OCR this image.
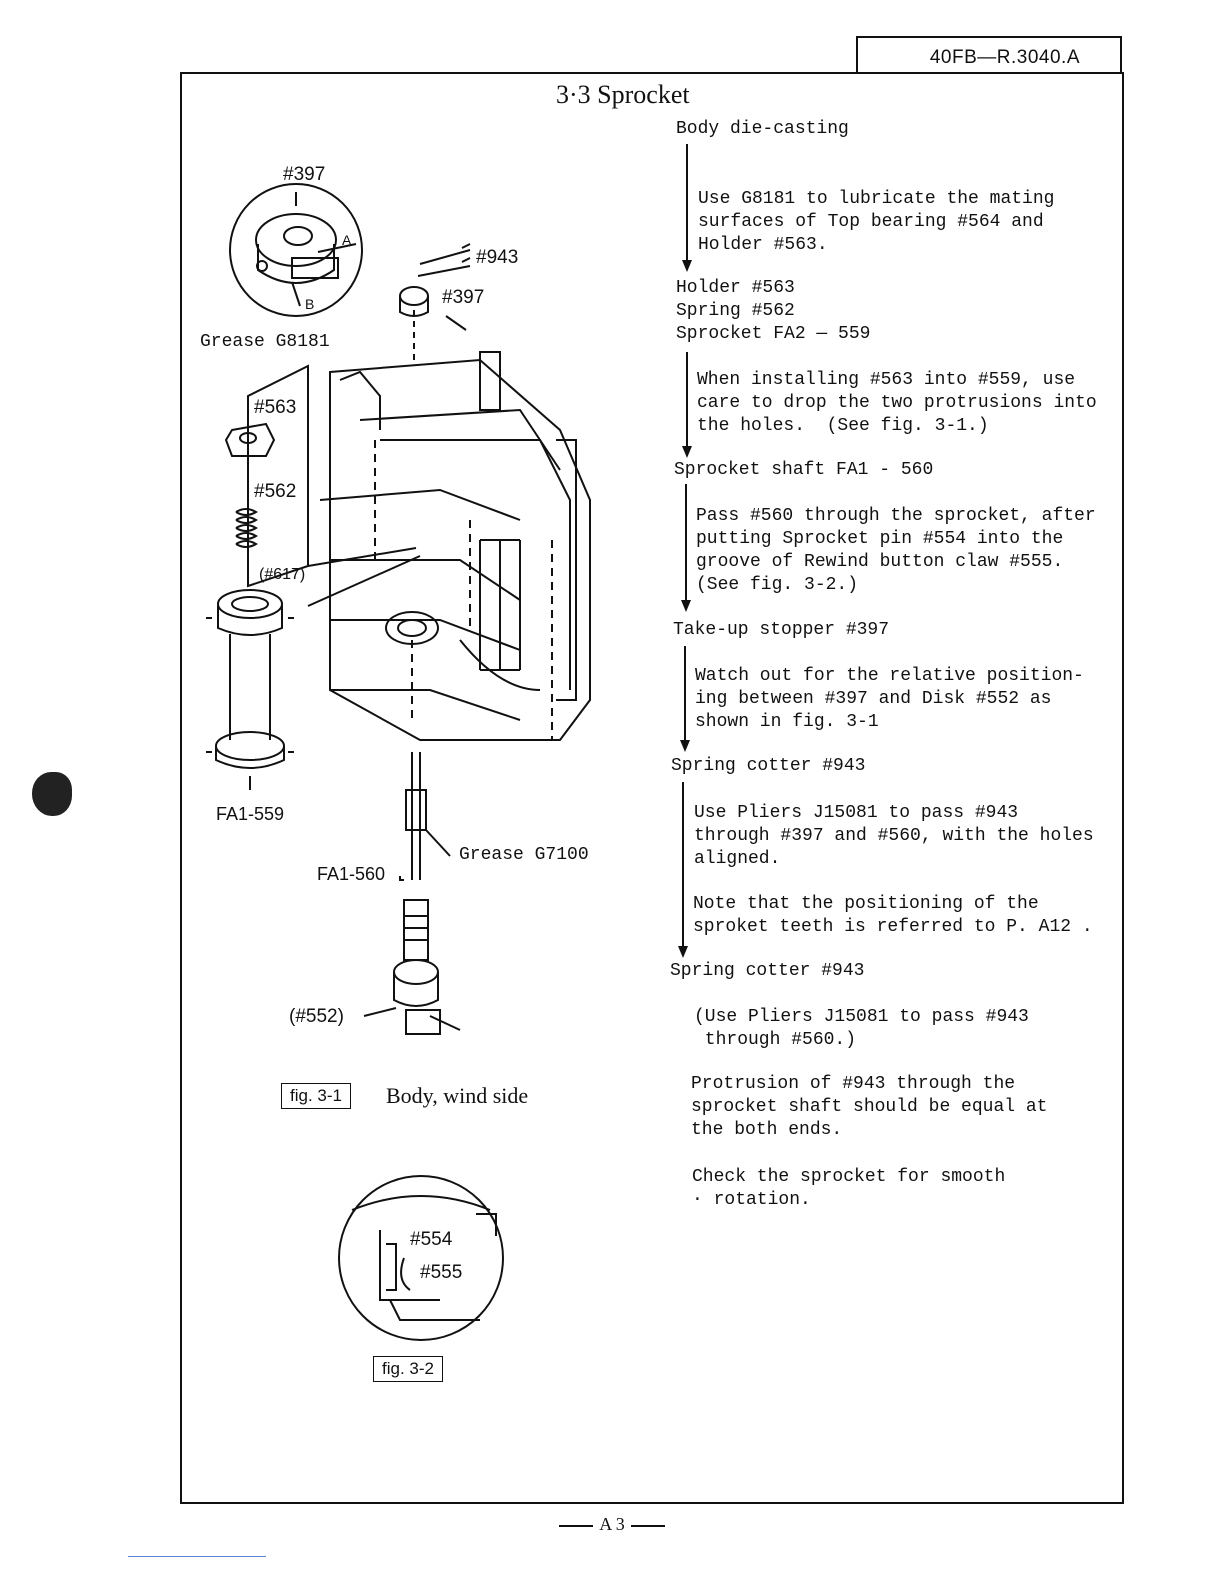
40FB—R.3040.A
3·3 Sprocket
Body die-casting
Use G8181 to lubricate the mating
surfaces of Top bearing #564 and
Holder #563.
Holder #563
Spring #562
Sprocket FA2 — 559
When installing #563 into #559, use
care to drop the two protrusions into
the holes.  (See fig. 3-1.)
Sprocket shaft FA1 - 560
Pass #560 through the sprocket, after
putting Sprocket pin #554 into the
groove of Rewind button claw #555.
(See fig. 3-2.)
Take-up stopper #397
Watch out for the relative position-
ing between #397 and Disk #552 as
shown in fig. 3-1
Spring cotter #943
Use Pliers J15081 to pass #943
through #397 and #560, with the holes
aligned.
Note that the positioning of the
sproket teeth is referred to P. A12 .
Spring cotter #943
(Use Pliers J15081 to pass #943
through #560.)
Protrusion of #943 through the
sprocket shaft should be equal at
the both ends.
Check the sprocket for smooth
· rotation.
#397
A
B
Grease G8181
#943
#397
#563
#562
(#617)
FA1-559
Grease G7100
FA1-560
(#552)
fig. 3-1	Body, wind side
#554
#555
fig. 3-2
A 3
